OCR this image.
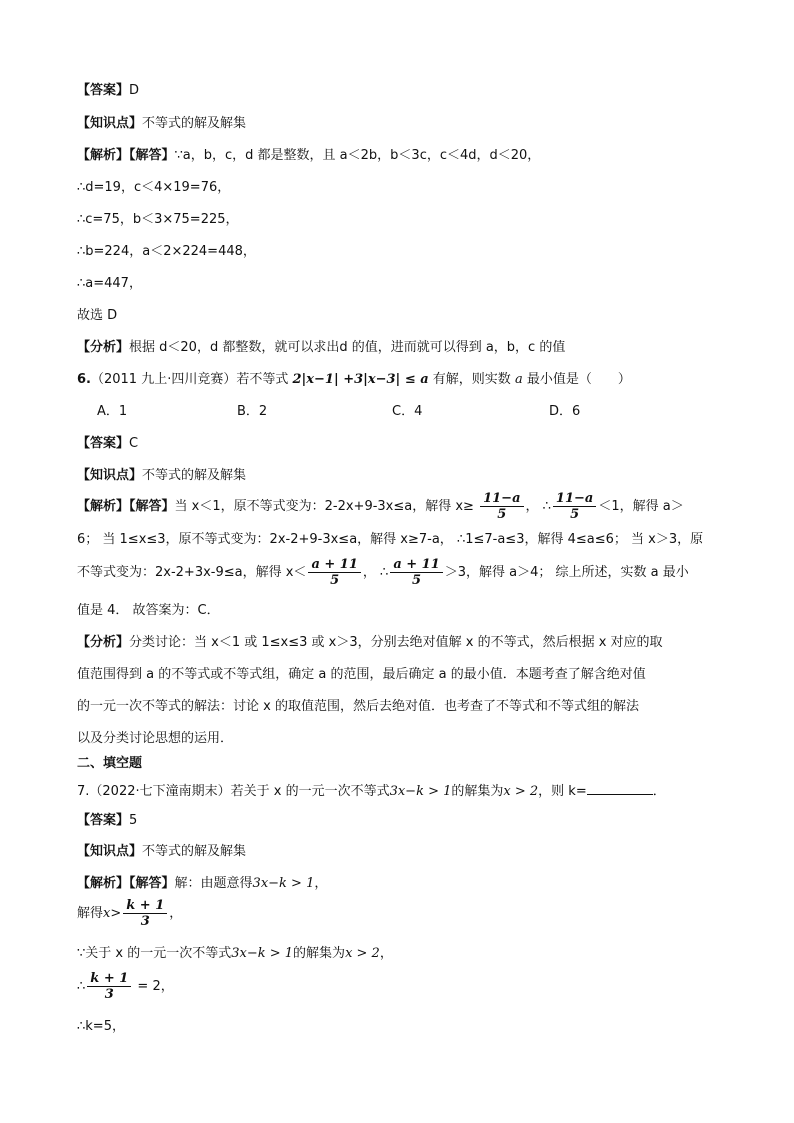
【答案】D
【知识点】不等式的解及解集
【解析】【解答】∵a，b，c，d 都是整数，且 a＜2b，b＜3c，c＜4d，d＜20，
∴d=19，c＜4×19=76，
∴c=75，b＜3×75=225，
∴b=224，a＜2×224=448，
∴a=447，
故选 D
【分析】根据 d＜20，d 都整数，就可以求出d 的值，进而就可以得到 a，b，c 的值
6.（2011 九上·四川竞赛）若不等式 2|x−1| +3|x−3| ≤ a 有解，则实数 a 最小值是（　　）
A．1	B．2	C．4	D．6
【答案】C
【知识点】不等式的解及解集
【解析】【解答】当 x＜1，原不等式变为：2-2x+9-3x≤a，解得 $x\ge \frac{11-a}{5}$ ， ∴ $\frac{11-a}{5} <1$，解得 a＞
6； 当 1≤x≤3，原不等式变为：2x-2+9-3x≤a，解得 x≥7-a， ∴1≤7-a≤3，解得 4≤a≤6； 当 x＞3，原
不等式变为：2x-2+3x-9≤a，解得 $x< \frac{a + 11}{5}$ ， ∴ $\frac{a + 11}{5} >3$，解得 a＞4； 综上所述，实数 a 最小
值是 4． 故答案为：C．
【分析】分类讨论：当 x＜1 或 1≤x≤3 或 x＞3，分别去绝对值解 x 的不等式，然后根据 x 对应的取
值范围得到 a 的不等式或不等式组，确定 a 的范围，最后确定 a 的最小值．本题考查了解含绝对值
的一元一次不等式的解法：讨论 x 的取值范围，然后去绝对值．也考查了不等式和不等式组的解法
以及分类讨论思想的运用．
二、填空题
7.（2022·七下潼南期末）若关于 x 的一元一次不等式3x−k > 1的解集为x > 2，则 k=	．
【答案】5
【知识点】不等式的解及解集
【解析】【解答】解：由题意得3x−k > 1，
解得$x> \frac{k + 1}{3}$ ，
∵关于 x 的一元一次不等式3x−k > 1的解集为x > 2，
∴ $\frac{k + 1}{3} = 2$，
∴k=5，
